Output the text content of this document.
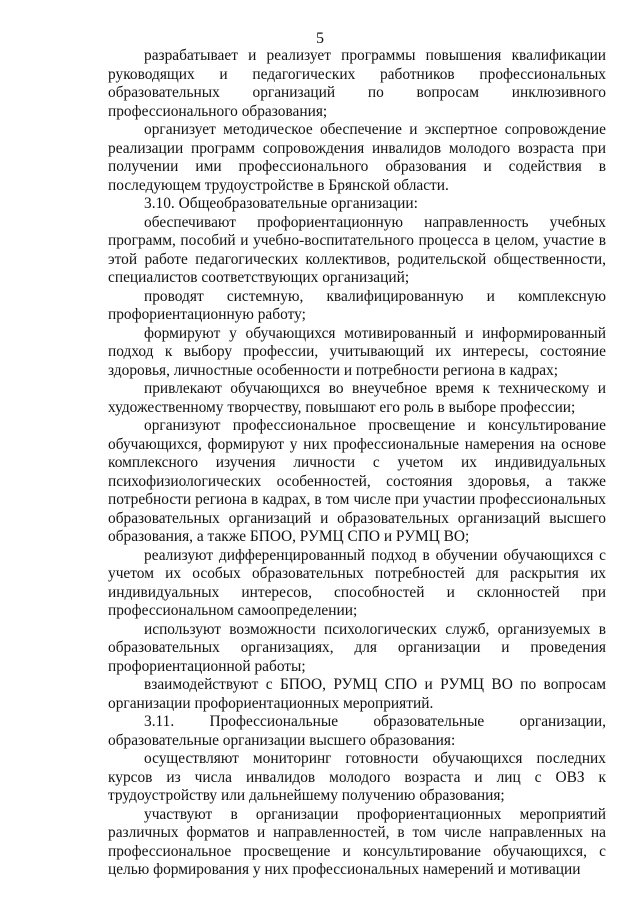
5

разрабатывает и реализует программы повышения квалификации руководящих и педагогических работников профессиональных образовательных организаций по вопросам инклюзивного профессионального образования;

организует методическое обеспечение и экспертное сопровождение реализации программ сопровождения инвалидов молодого возраста при получении ими профессионального образования и содействия в последующем трудоустройстве в Брянской области.

3.10. Общеобразовательные организации:

обеспечивают профориентационную направленность учебных программ, пособий и учебно-воспитательного процесса в целом, участие в этой работе педагогических коллективов, родительской общественности, специалистов соответствующих организаций;

проводят системную, квалифицированную и комплексную профориентационную работу;

формируют у обучающихся мотивированный и информированный подход к выбору профессии, учитывающий их интересы, состояние здоровья, личностные особенности и потребности региона в кадрах;

привлекают обучающихся во внеучебное время к техническому и художественному творчеству, повышают его роль в выборе профессии;

организуют профессиональное просвещение и консультирование обучающихся, формируют у них профессиональные намерения на основе комплексного изучения личности с учетом их индивидуальных психофизиологических особенностей, состояния здоровья, а также потребности региона в кадрах, в том числе при участии профессиональных образовательных организаций и образовательных организаций высшего образования, а также БПОО, РУМЦ СПО и РУМЦ ВО;

реализуют дифференцированный подход в обучении обучающихся с учетом их особых образовательных потребностей для раскрытия их индивидуальных интересов, способностей и склонностей при профессиональном самоопределении;

используют возможности психологических служб, организуемых в образовательных организациях, для организации и проведения профориентационной работы;

взаимодействуют с БПОО, РУМЦ СПО и РУМЦ ВО по вопросам организации профориентационных мероприятий.

3.11. Профессиональные образовательные организации, образовательные организации высшего образования:

осуществляют мониторинг готовности обучающихся последних курсов из числа инвалидов молодого возраста и лиц с ОВЗ к трудоустройству или дальнейшему получению образования;

участвуют в организации профориентационных мероприятий различных форматов и направленностей, в том числе направленных на профессиональное просвещение и консультирование обучающихся, с целью формирования у них профессиональных намерений и мотивации
